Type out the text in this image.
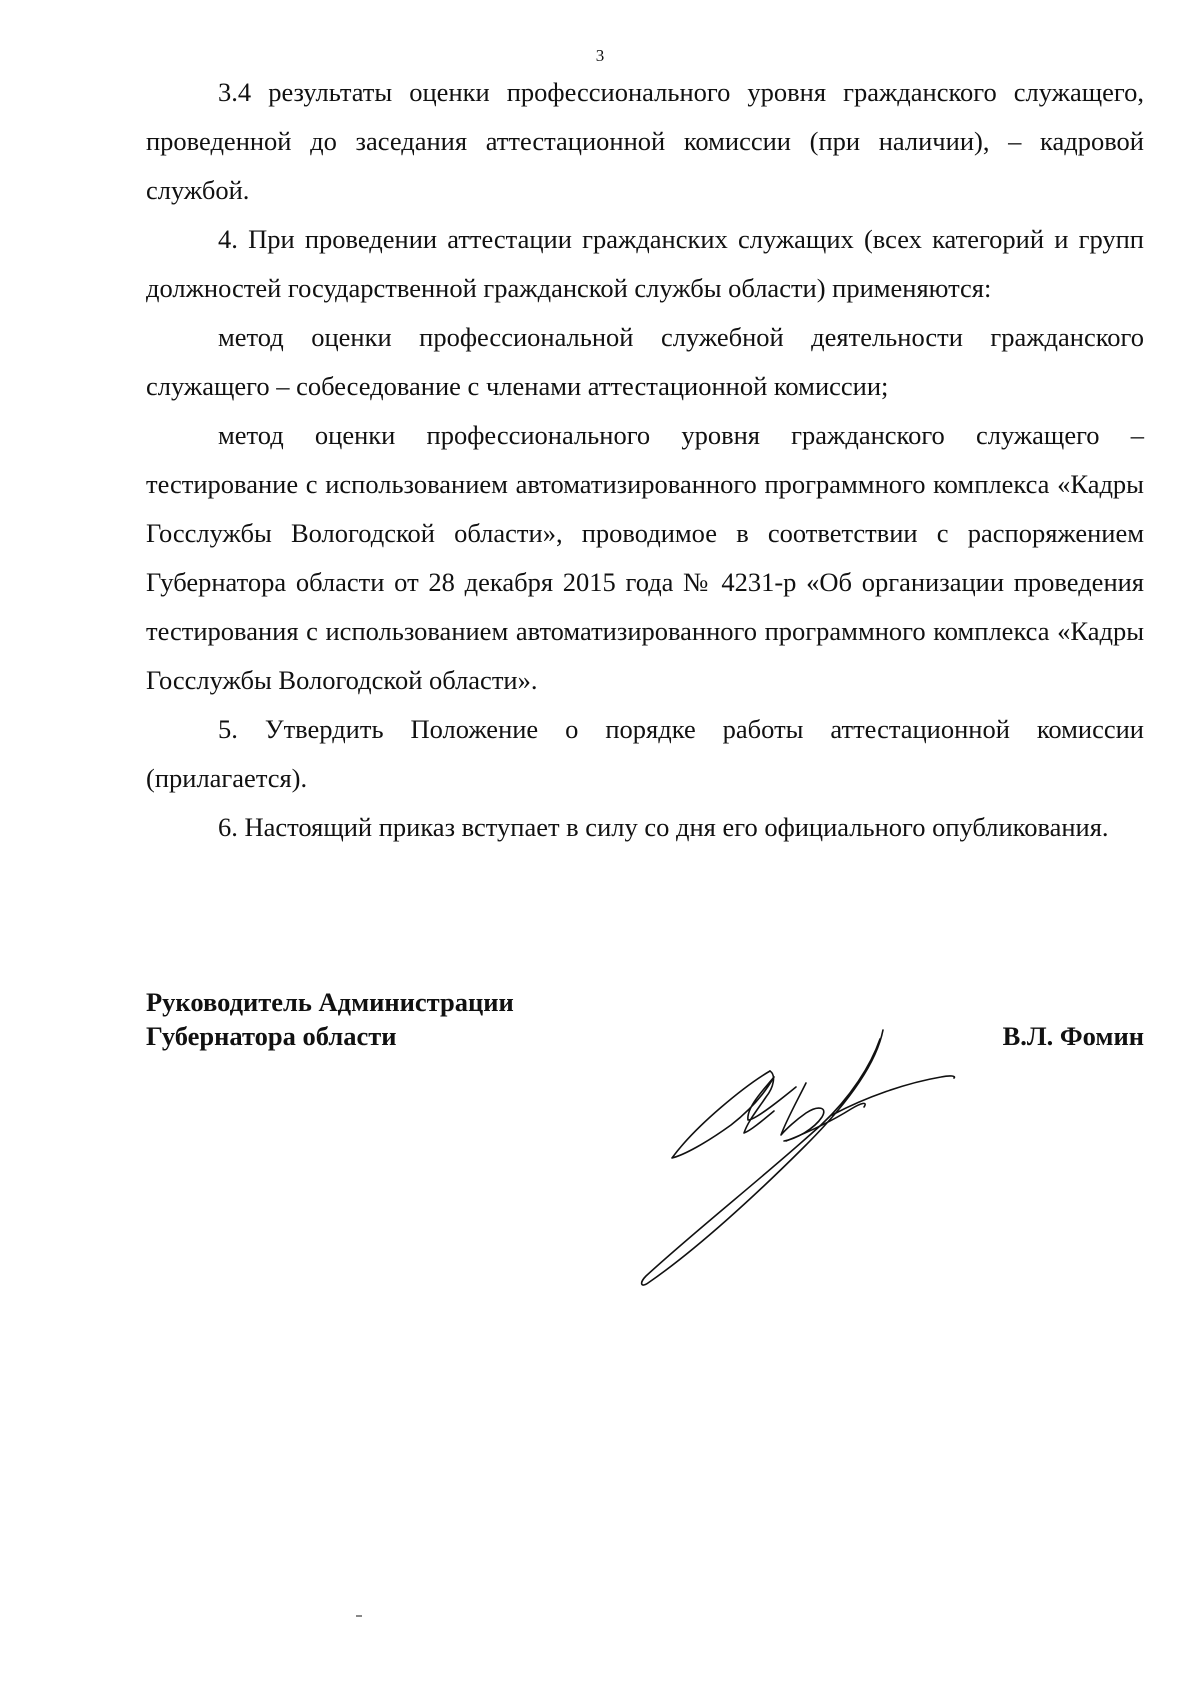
3

3.4 результаты оценки профессионального уровня гражданского служащего, проведенной до заседания аттестационной комиссии (при наличии), – кадровой службой.

4. При проведении аттестации гражданских служащих (всех категорий и групп должностей государственной гражданской службы области) применяются:

метод оценки профессиональной служебной деятельности гражданского служащего – собеседование с членами аттестационной комиссии;

метод оценки профессионального уровня гражданского служащего – тестирование с использованием автоматизированного программного комплекса «Кадры Госслужбы Вологодской области», проводимое в соответствии с распоряжением Губернатора области от 28 декабря 2015 года № 4231-р «Об организации проведения тестирования с использованием автоматизированного программного комплекса «Кадры Госслужбы Вологодской области».

5. Утвердить Положение о порядке работы аттестационной комиссии (прилагается).

6. Настоящий приказ вступает в силу со дня его официального опубликования.

Руководитель Администрации
Губернатора области	В.Л. Фомин
